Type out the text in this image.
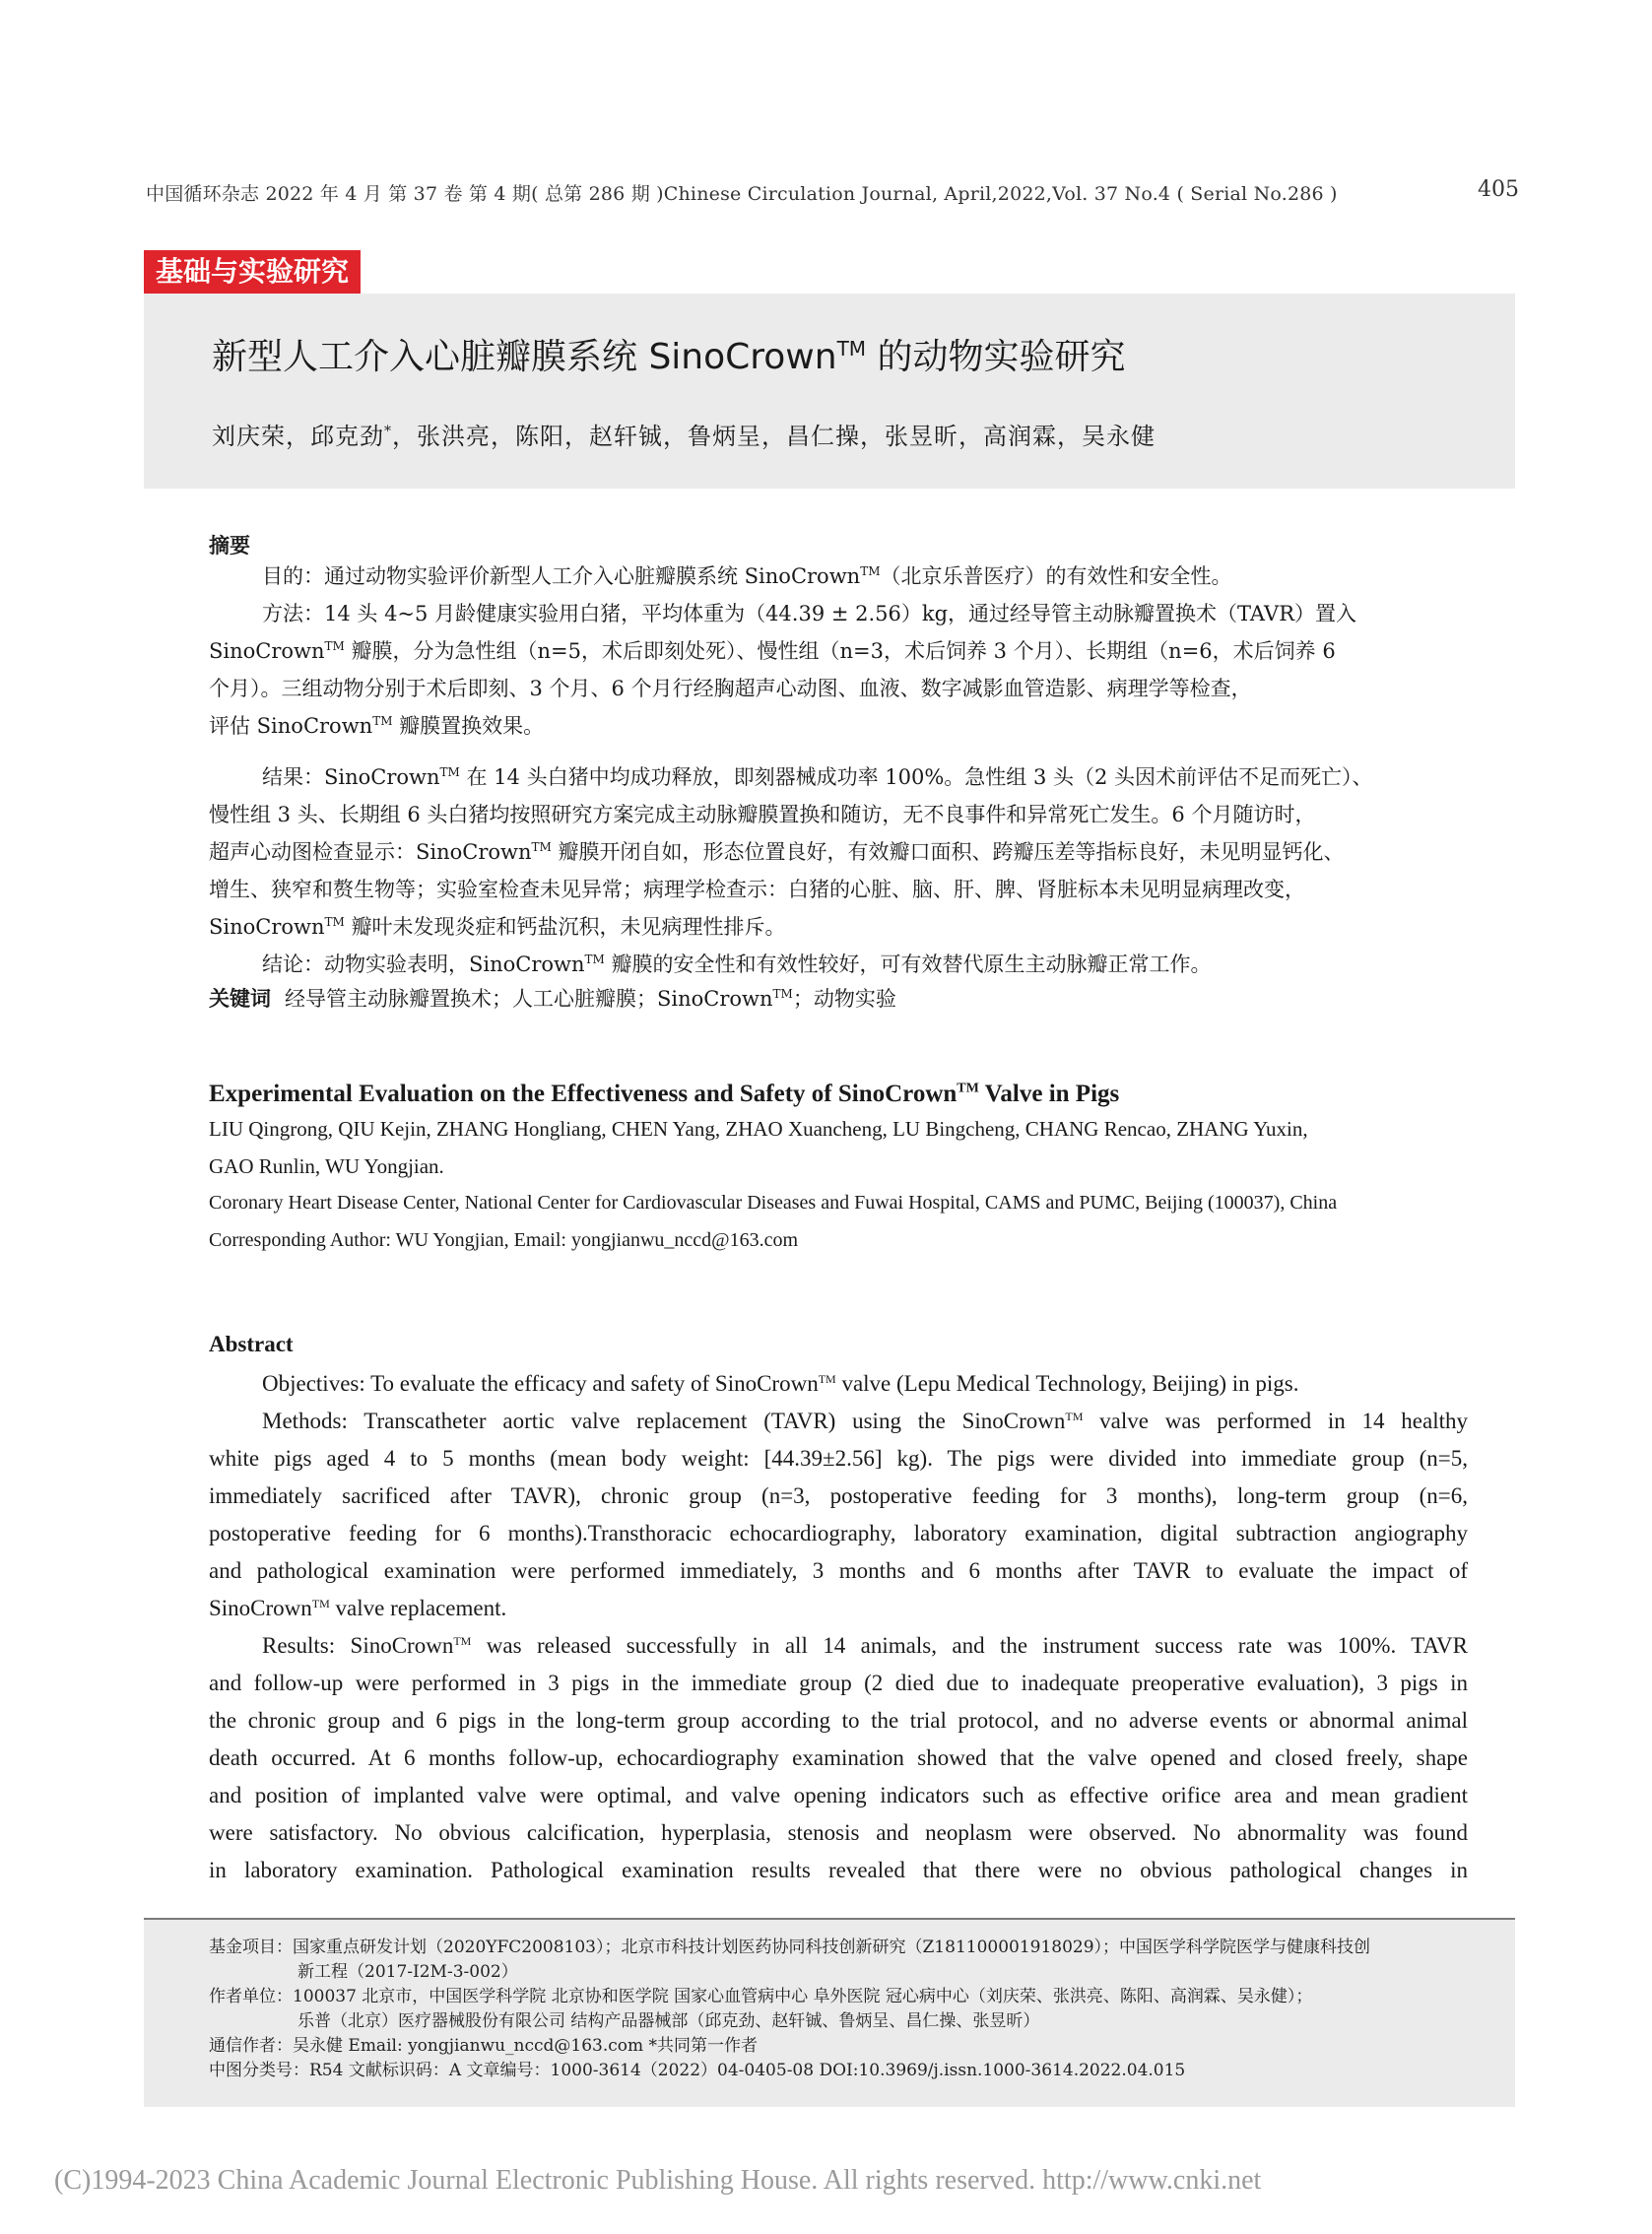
中国循环杂志 2022 年 4 月 第 37 卷 第 4 期( 总第 286 期 )Chinese Circulation Journal, April,2022,Vol. 37 No.4 ( Serial No.286 )	405
基础与实验研究
新型人工介入心脏瓣膜系统 SinoCrown™ 的动物实验研究
刘庆荣，邱克劲*，张洪亮，陈阳，赵轩铖，鲁炳呈，昌仁操，张昱昕，高润霖，吴永健
摘要
目的：通过动物实验评价新型人工介入心脏瓣膜系统 SinoCrown™（北京乐普医疗）的有效性和安全性。
方法：14 头 4~5 月龄健康实验用白猪，平均体重为（44.39 ± 2.56）kg，通过经导管主动脉瓣置换术（TAVR）置入
SinoCrown™ 瓣膜，分为急性组（n=5，术后即刻处死）、慢性组（n=3，术后饲养 3 个月）、长期组（n=6，术后饲养 6
个月）。三组动物分别于术后即刻、3 个月、6 个月行经胸超声心动图、血液、数字减影血管造影、病理学等检查，
评估 SinoCrown™ 瓣膜置换效果。
结果：SinoCrown™ 在 14 头白猪中均成功释放，即刻器械成功率 100%。急性组 3 头（2 头因术前评估不足而死亡）、
慢性组 3 头、长期组 6 头白猪均按照研究方案完成主动脉瓣膜置换和随访，无不良事件和异常死亡发生。6 个月随访时，
超声心动图检查显示：SinoCrown™ 瓣膜开闭自如，形态位置良好，有效瓣口面积、跨瓣压差等指标良好，未见明显钙化、
增生、狭窄和赘生物等；实验室检查未见异常；病理学检查示：白猪的心脏、脑、肝、脾、肾脏标本未见明显病理改变，
SinoCrown™ 瓣叶未发现炎症和钙盐沉积，未见病理性排斥。
结论：动物实验表明，SinoCrown™ 瓣膜的安全性和有效性较好，可有效替代原生主动脉瓣正常工作。
关键词 经导管主动脉瓣置换术；人工心脏瓣膜；SinoCrown™；动物实验
Experimental Evaluation on the Effectiveness and Safety of SinoCrown™ Valve in Pigs
LIU Qingrong, QIU Kejin, ZHANG Hongliang, CHEN Yang, ZHAO Xuancheng, LU Bingcheng, CHANG Rencao, ZHANG Yuxin,
GAO Runlin, WU Yongjian.
Coronary Heart Disease Center, National Center for Cardiovascular Diseases and Fuwai Hospital, CAMS and PUMC, Beijing (100037), China
Corresponding Author: WU Yongjian, Email: yongjianwu_nccd@163.com
Abstract
Objectives: To evaluate the efficacy and safety of SinoCrown™ valve (Lepu Medical Technology, Beijing) in pigs.
Methods: Transcatheter aortic valve replacement (TAVR) using the SinoCrown™ valve was performed in 14 healthy
white pigs aged 4 to 5 months (mean body weight: [44.39±2.56] kg). The pigs were divided into immediate group (n=5,
immediately sacrificed after TAVR), chronic group (n=3, postoperative feeding for 3 months), long-term group (n=6,
postoperative feeding for 6 months).Transthoracic echocardiography, laboratory examination, digital subtraction angiography
and pathological examination were performed immediately, 3 months and 6 months after TAVR to evaluate the impact of
SinoCrown™ valve replacement.
Results: SinoCrown™ was released successfully in all 14 animals, and the instrument success rate was 100%. TAVR
and follow-up were performed in 3 pigs in the immediate group (2 died due to inadequate preoperative evaluation), 3 pigs in
the chronic group and 6 pigs in the long-term group according to the trial protocol, and no adverse events or abnormal animal
death occurred. At 6 months follow-up, echocardiography examination showed that the valve opened and closed freely, shape
and position of implanted valve were optimal, and valve opening indicators such as effective orifice area and mean gradient
were satisfactory. No obvious calcification, hyperplasia, stenosis and neoplasm were observed. No abnormality was found
in laboratory examination. Pathological examination results revealed that there were no obvious pathological changes in
基金项目：国家重点研发计划（2020YFC2008103）；北京市科技计划医药协同科技创新研究（Z181100001918029）；中国医学科学院医学与健康科技创
新工程（2017-I2M-3-002）
作者单位：100037 北京市，中国医学科学院 北京协和医学院 国家心血管病中心 阜外医院 冠心病中心（刘庆荣、张洪亮、陈阳、高润霖、吴永健）；
乐普（北京）医疗器械股份有限公司 结构产品器械部（邱克劲、赵轩铖、鲁炳呈、昌仁操、张昱昕）
通信作者：吴永健 Email: yongjianwu_nccd@163.com *共同第一作者
中图分类号：R54 文献标识码：A 文章编号：1000-3614（2022）04-0405-08 DOI:10.3969/j.issn.1000-3614.2022.04.015
(C)1994-2023 China Academic Journal Electronic Publishing House. All rights reserved. http://www.cnki.net
